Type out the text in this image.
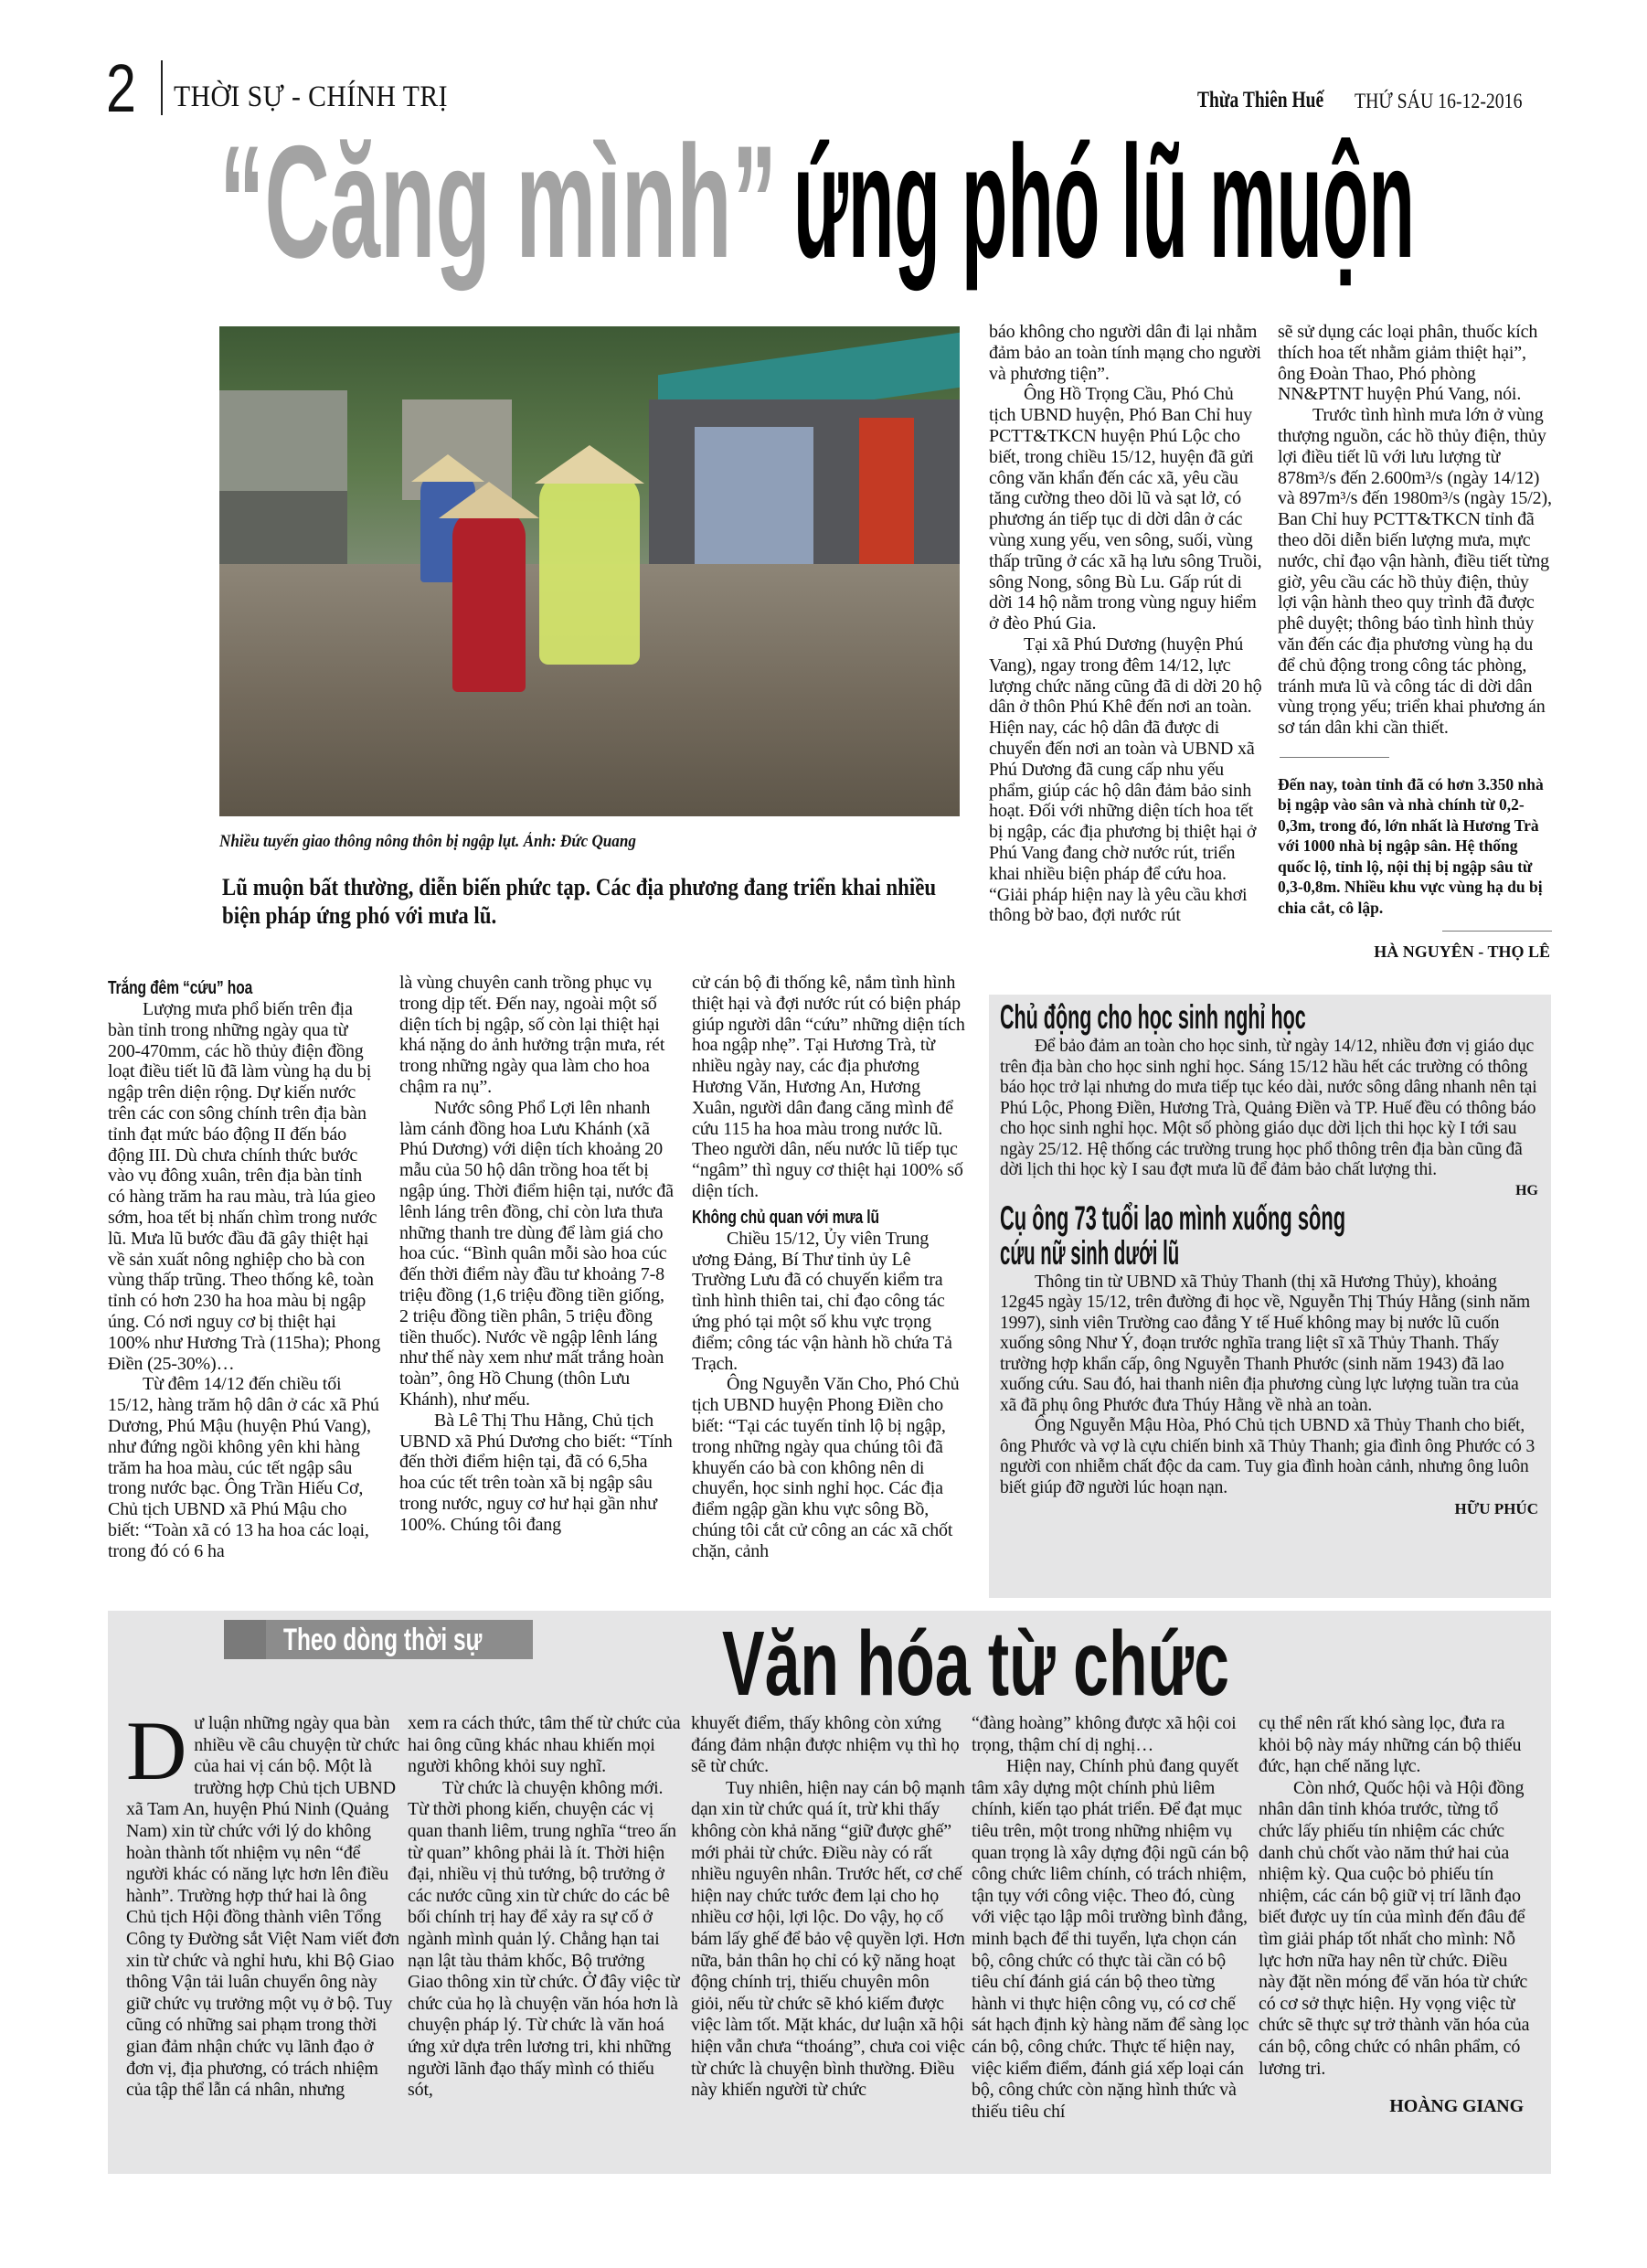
2 THỜI SỰ - CHÍNH TRỊ	Thừa Thiên Huế THỨ SÁU 16-12-2016
“Căng mình” ứng phó lũ muộn
Nhiều tuyến giao thông nông thôn bị ngập lụt. Ảnh: Đức Quang
Lũ muộn bất thường, diễn biến phức tạp. Các địa phương đang triển khai nhiều biện pháp ứng phó với mưa lũ.
Trắng đêm “cứu” hoa

Lượng mưa phổ biến trên địa bàn tỉnh trong những ngày qua từ 200-470mm, các hồ thủy điện đồng loạt điều tiết lũ đã làm vùng hạ du bị ngập trên diện rộng. Dự kiến nước trên các con sông chính trên địa bàn tỉnh đạt mức báo động II đến báo động III. Dù chưa chính thức bước vào vụ đông xuân, trên địa bàn tỉnh có hàng trăm ha rau màu, trà lúa gieo sớm, hoa tết bị nhấn chìm trong nước lũ. Mưa lũ bước đầu đã gây thiệt hại về sản xuất nông nghiệp cho bà con vùng thấp trũng. Theo thống kê, toàn tỉnh có hơn 230 ha hoa màu bị ngập úng. Có nơi nguy cơ bị thiệt hại 100% như Hương Trà (115ha); Phong Điền (25-30%)…

Từ đêm 14/12 đến chiều tối 15/12, hàng trăm hộ dân ở các xã Phú Dương, Phú Mậu (huyện Phú Vang), như đứng ngồi không yên khi hàng trăm ha hoa màu, cúc tết ngập sâu trong nước bạc. Ông Trần Hiếu Cơ, Chủ tịch UBND xã Phú Mậu cho biết: “Toàn xã có 13 ha hoa các loại, trong đó có 6 ha

là vùng chuyên canh trồng phục vụ trong dịp tết. Đến nay, ngoài một số diện tích bị ngập, số còn lại thiệt hại khá nặng do ảnh hưởng trận mưa, rét trong những ngày qua làm cho hoa chậm ra nụ”.

Nước sông Phổ Lợi lên nhanh làm cánh đồng hoa Lưu Khánh (xã Phú Dương) với diện tích khoảng 20 mẫu của 50 hộ dân trồng hoa tết bị ngập úng. Thời điểm hiện tại, nước đã lênh láng trên đồng, chỉ còn lưa thưa những thanh tre dùng để làm giá cho hoa cúc. “Bình quân mỗi sào hoa cúc đến thời điểm này đầu tư khoảng 7-8 triệu đồng (1,6 triệu đồng tiền giống, 2 triệu đồng tiền phân, 5 triệu đồng tiền thuốc). Nước về ngập lênh láng như thế này xem như mất trắng hoàn toàn”, ông Hồ Chung (thôn Lưu Khánh), như mếu.

Bà Lê Thị Thu Hằng, Chủ tịch UBND xã Phú Dương cho biết: “Tính đến thời điểm hiện tại, đã có 6,5ha hoa cúc tết trên toàn xã bị ngập sâu trong nước, nguy cơ hư hại gần như 100%. Chúng tôi đang

cử cán bộ đi thống kê, nắm tình hình thiệt hại và đợi nước rút có biện pháp giúp người dân “cứu” những diện tích hoa ngập nhẹ”. Tại Hương Trà, từ nhiều ngày nay, các địa phương Hương Văn, Hương An, Hương Xuân, người dân đang căng mình để cứu 115 ha hoa màu trong nước lũ. Theo người dân, nếu nước lũ tiếp tục “ngâm” thì nguy cơ thiệt hại 100% số diện tích.

Không chủ quan với mưa lũ

Chiều 15/12, Ủy viên Trung ương Đảng, Bí Thư tỉnh ủy Lê Trường Lưu đã có chuyến kiểm tra tình hình thiên tai, chỉ đạo công tác ứng phó tại một số khu vực trọng điểm; công tác vận hành hồ chứa Tả Trạch.

Ông Nguyễn Văn Cho, Phó Chủ tịch UBND huyện Phong Điền cho biết: “Tại các tuyến tỉnh lộ bị ngập, trong những ngày qua chúng tôi đã khuyến cáo bà con không nên di chuyển, học sinh nghỉ học. Các địa điểm ngập gần khu vực sông Bồ, chúng tôi cắt cử công an các xã chốt chặn, cảnh

báo không cho người dân đi lại nhằm đảm bảo an toàn tính mạng cho người và phương tiện”.

Ông Hồ Trọng Cầu, Phó Chủ tịch UBND huyện, Phó Ban Chỉ huy PCTT&TKCN huyện Phú Lộc cho biết, trong chiều 15/12, huyện đã gửi công văn khẩn đến các xã, yêu cầu tăng cường theo dõi lũ và sạt lở, có phương án tiếp tục di dời dân ở các vùng xung yếu, ven sông, suối, vùng thấp trũng ở các xã hạ lưu sông Truồi, sông Nong, sông Bù Lu. Gấp rút di dời 14 hộ nằm trong vùng nguy hiểm ở đèo Phú Gia.

Tại xã Phú Dương (huyện Phú Vang), ngay trong đêm 14/12, lực lượng chức năng cũng đã di dời 20 hộ dân ở thôn Phú Khê đến nơi an toàn. Hiện nay, các hộ dân đã được di chuyển đến nơi an toàn và UBND xã Phú Dương đã cung cấp nhu yếu phẩm, giúp các hộ dân đảm bảo sinh hoạt. Đối với những diện tích hoa tết bị ngập, các địa phương bị thiệt hại ở Phú Vang đang chờ nước rút, triển khai nhiều biện pháp để cứu hoa. “Giải pháp hiện nay là yêu cầu khơi thông bờ bao, đợi nước rút

sẽ sử dụng các loại phân, thuốc kích thích hoa tết nhằm giảm thiệt hại”, ông Đoàn Thao, Phó phòng NN&PTNT huyện Phú Vang, nói.

Trước tình hình mưa lớn ở vùng thượng nguồn, các hồ thủy điện, thủy lợi điều tiết lũ với lưu lượng từ 878m³/s đến 2.600m³/s (ngày 14/12) và 897m³/s đến 1980m³/s (ngày 15/2), Ban Chỉ huy PCTT&TKCN tỉnh đã theo dõi diễn biến lượng mưa, mực nước, chỉ đạo vận hành, điều tiết từng giờ, yêu cầu các hồ thủy điện, thủy lợi vận hành theo quy trình đã được phê duyệt; thông báo tình hình thủy văn đến các địa phương vùng hạ du để chủ động trong công tác phòng, tránh mưa lũ và công tác di dời dân vùng trọng yếu; triển khai phương án sơ tán dân khi cần thiết.

Đến nay, toàn tỉnh đã có hơn 3.350 nhà bị ngập vào sân và nhà chính từ 0,2-0,3m, trong đó, lớn nhất là Hương Trà với 1000 nhà bị ngập sân. Hệ thống quốc lộ, tỉnh lộ, nội thị bị ngập sâu từ 0,3-0,8m. Nhiều khu vực vùng hạ du bị chia cắt, cô lập.
HÀ NGUYÊN - THỌ LÊ
Chủ động cho học sinh nghỉ học

Để bảo đảm an toàn cho học sinh, từ ngày 14/12, nhiều đơn vị giáo dục trên địa bàn cho học sinh nghỉ học. Sáng 15/12 hầu hết các trường có thông báo học trở lại nhưng do mưa tiếp tục kéo dài, nước sông dâng nhanh nên tại Phú Lộc, Phong Điền, Hương Trà, Quảng Điền và TP. Huế đều có thông báo cho học sinh nghỉ học. Một số phòng giáo dục dời lịch thi học kỳ I tới sau ngày 25/12. Hệ thống các trường trung học phổ thông trên địa bàn cũng đã dời lịch thi học kỳ I sau đợt mưa lũ để đảm bảo chất lượng thi.

HG
Cụ ông 73 tuổi lao mình xuống sông
cứu nữ sinh dưới lũ

Thông tin từ UBND xã Thủy Thanh (thị xã Hương Thủy), khoảng 12g45 ngày 15/12, trên đường đi học về, Nguyễn Thị Thúy Hằng (sinh năm 1997), sinh viên Trường cao đẳng Y tế Huế không may bị nước lũ cuốn xuống sông Như Ý, đoạn trước nghĩa trang liệt sĩ xã Thủy Thanh. Thấy trường hợp khẩn cấp, ông Nguyễn Thanh Phước (sinh năm 1943) đã lao xuống cứu. Sau đó, hai thanh niên địa phương cùng lực lượng tuần tra của xã đã phụ ông Phước đưa Thúy Hằng về nhà an toàn.

Ông Nguyễn Mậu Hòa, Phó Chủ tịch UBND xã Thủy Thanh cho biết, ông Phước và vợ là cựu chiến binh xã Thủy Thanh; gia đình ông Phước có 3 người con nhiễm chất độc da cam. Tuy gia đình hoàn cảnh, nhưng ông luôn biết giúp đỡ người lúc hoạn nạn.

HỮU PHÚC
Theo dòng thời sự	Văn hóa từ chức
D ư luận những ngày qua bàn nhiều về câu chuyện từ chức của hai vị cán bộ. Một là trường hợp Chủ tịch UBND xã Tam An, huyện Phú Ninh (Quảng Nam) xin từ chức với lý do không hoàn thành tốt nhiệm vụ nên “để người khác có năng lực hơn lên điều hành”. Trường hợp thứ hai là ông Chủ tịch Hội đồng thành viên Tổng Công ty Đường sắt Việt Nam viết đơn xin từ chức và nghỉ hưu, khi Bộ Giao thông Vận tải luân chuyển ông này giữ chức vụ trưởng một vụ ở bộ. Tuy cũng có những sai phạm trong thời gian đảm nhận chức vụ lãnh đạo ở đơn vị, địa phương, có trách nhiệm của tập thể lẫn cá nhân, nhưng

xem ra cách thức, tâm thế từ chức của hai ông cũng khác nhau khiến mọi người không khỏi suy nghĩ.

Từ chức là chuyện không mới. Từ thời phong kiến, chuyện các vị quan thanh liêm, trung nghĩa “treo ấn từ quan” không phải là ít. Thời hiện đại, nhiều vị thủ tướng, bộ trưởng ở các nước cũng xin từ chức do các bê bối chính trị hay để xảy ra sự cố ở ngành mình quản lý. Chẳng hạn tai nạn lật tàu thảm khốc, Bộ trưởng Giao thông xin từ chức. Ở đây việc từ chức của họ là chuyện văn hóa hơn là chuyện pháp lý. Từ chức là văn hoá ứng xử dựa trên lương tri, khi những người lãnh đạo thấy mình có thiếu sót,

khuyết điểm, thấy không còn xứng đáng đảm nhận được nhiệm vụ thì họ sẽ từ chức.

Tuy nhiên, hiện nay cán bộ mạnh dạn xin từ chức quá ít, trừ khi thấy không còn khả năng “giữ được ghế” mới phải từ chức. Điều này có rất nhiều nguyên nhân. Trước hết, cơ chế hiện nay chức tước đem lại cho họ nhiều cơ hội, lợi lộc. Do vậy, họ cố bám lấy ghế để bảo vệ quyền lợi. Hơn nữa, bản thân họ chỉ có kỹ năng hoạt động chính trị, thiếu chuyên môn giỏi, nếu từ chức sẽ khó kiếm được việc làm tốt. Mặt khác, dư luận xã hội hiện vẫn chưa “thoáng”, chưa coi việc từ chức là chuyện bình thường. Điều này khiến người từ chức

“đàng hoàng” không được xã hội coi trọng, thậm chí dị nghị…

Hiện nay, Chính phủ đang quyết tâm xây dựng một chính phủ liêm chính, kiến tạo phát triển. Để đạt mục tiêu trên, một trong những nhiệm vụ quan trọng là xây dựng đội ngũ cán bộ công chức liêm chính, có trách nhiệm, tận tụy với công việc. Theo đó, cùng với việc tạo lập môi trường bình đẳng, minh bạch để thi tuyển, lựa chọn cán bộ, công chức có thực tài cần có bộ tiêu chí đánh giá cán bộ theo từng hành vi thực hiện công vụ, có cơ chế sát hạch định kỳ hàng năm để sàng lọc cán bộ, công chức. Thực tế hiện nay, việc kiểm điểm, đánh giá xếp loại cán bộ, công chức còn nặng hình thức và thiếu tiêu chí

cụ thể nên rất khó sàng lọc, đưa ra khỏi bộ này máy những cán bộ thiếu đức, hạn chế năng lực.

Còn nhớ, Quốc hội và Hội đồng nhân dân tỉnh khóa trước, từng tổ chức lấy phiếu tín nhiệm các chức danh chủ chốt vào năm thứ hai của nhiệm kỳ. Qua cuộc bỏ phiếu tín nhiệm, các cán bộ giữ vị trí lãnh đạo biết được uy tín của mình đến đâu để tìm giải pháp tốt nhất cho mình: Nỗ lực hơn nữa hay nên từ chức. Điều này đặt nền móng để văn hóa từ chức có cơ sở thực hiện. Hy vọng việc từ chức sẽ thực sự trở thành văn hóa của cán bộ, công chức có nhân phẩm, có lương tri.

HOÀNG GIANG
